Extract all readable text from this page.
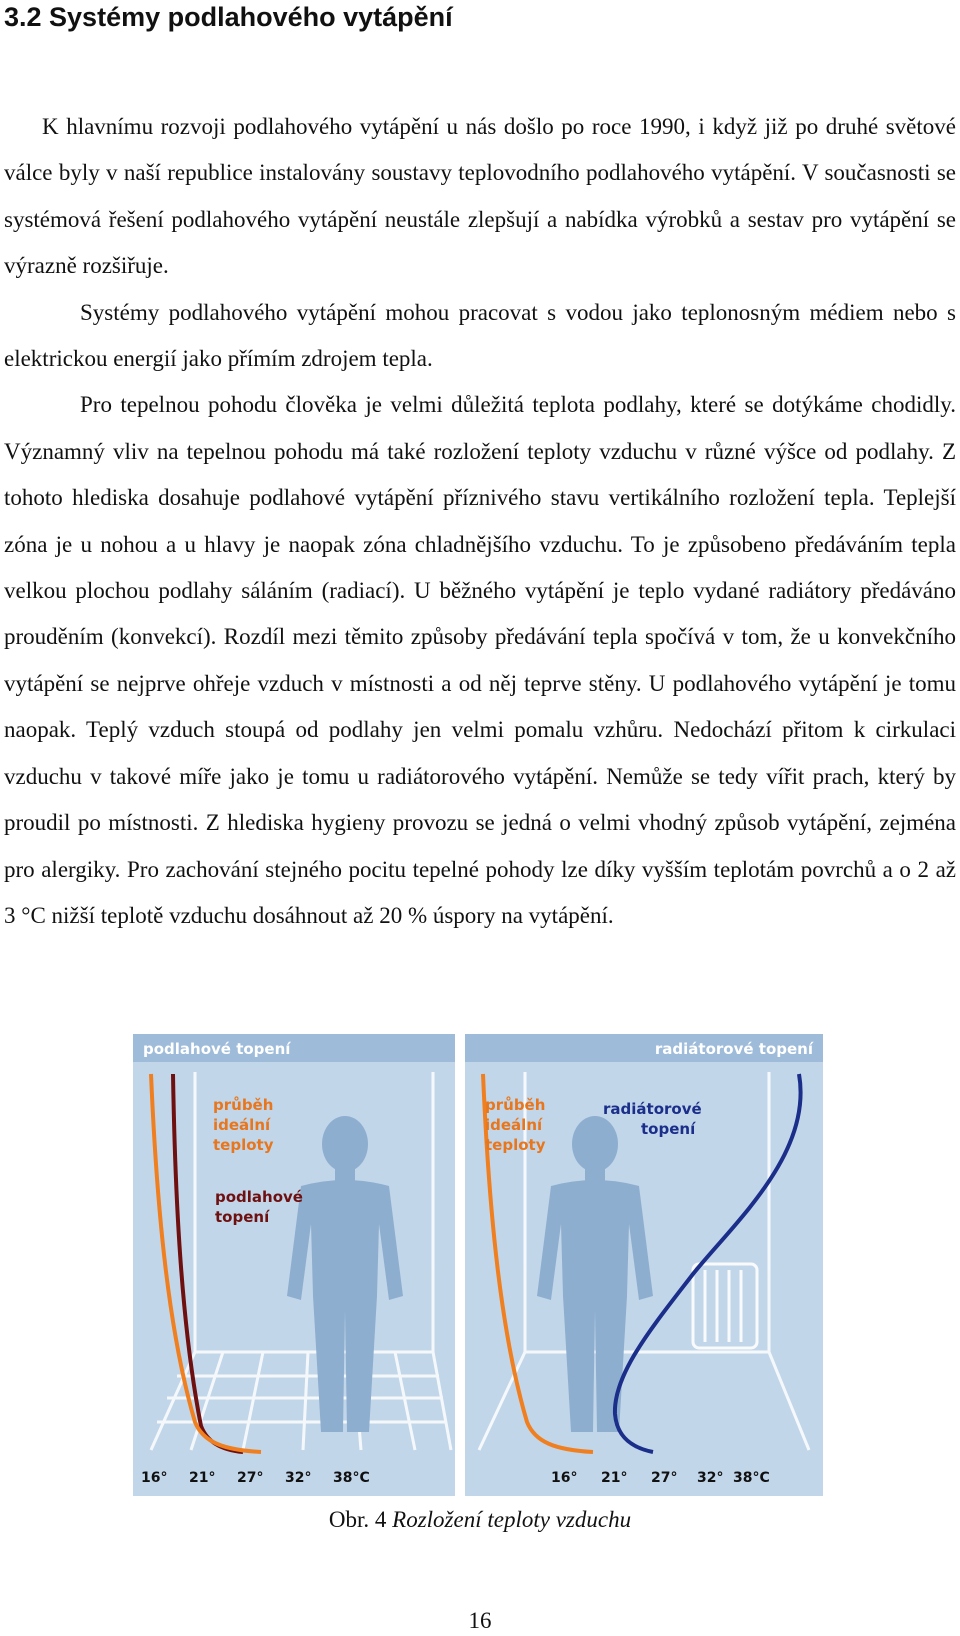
3.2 Systémy podlahového vytápění

K hlavnímu rozvoji podlahového vytápění u nás došlo po roce 1990, i když již po druhé světové válce byly v naší republice instalovány soustavy teplovodního podlahového vytápění. V současnosti se systémová řešení podlahového vytápění neustále zlepšují a nabídka výrobků a sestav pro vytápění se výrazně rozšiřuje.

Systémy podlahového vytápění mohou pracovat s vodou jako teplonosným médiem nebo s elektrickou energií jako přímím zdrojem tepla.

Pro tepelnou pohodu člověka je velmi důležitá teplota podlahy, které se dotýkáme chodidly. Významný vliv na tepelnou pohodu má také rozložení teploty vzduchu v různé výšce od podlahy. Z tohoto hlediska dosahuje podlahové vytápění příznivého stavu vertikálního rozložení tepla. Teplejší zóna je u nohou a u hlavy je naopak zóna chladnějšího vzduchu. To je způsobeno předáváním tepla velkou plochou podlahy sáláním (radiací). U běžného vytápění je teplo vydané radiátory předáváno prouděním (konvekcí). Rozdíl mezi těmito způsoby předávání tepla spočívá v tom, že u konvekčního vytápění se nejprve ohřeje vzduch v místnosti a od něj teprve stěny. U podlahového vytápění je tomu naopak. Teplý vzduch stoupá od podlahy jen velmi pomalu vzhůru. Nedochází přitom k cirkulaci vzduchu v takové míře jako je tomu u radiátorového vytápění. Nemůže se tedy vířit prach, který by proudil po místnosti. Z hlediska hygieny provozu se jedná o velmi vhodný způsob vytápění, zejména pro alergiky. Pro zachování stejného pocitu tepelné pohody lze díky vyšším teplotám povrchů a o 2 až 3 °C nižší teplotě vzduchu dosáhnout až 20 % úspory na vytápění.

podlahové topení
průběh
ideální
teploty
podlahové
topení
16° 21° 27° 32° 38°C
radiátorové topení
průběh
ideální
teploty
radiátorové
topení
16° 21° 27° 32° 38°C
Obr. 4 Rozložení teploty vzduchu
16
